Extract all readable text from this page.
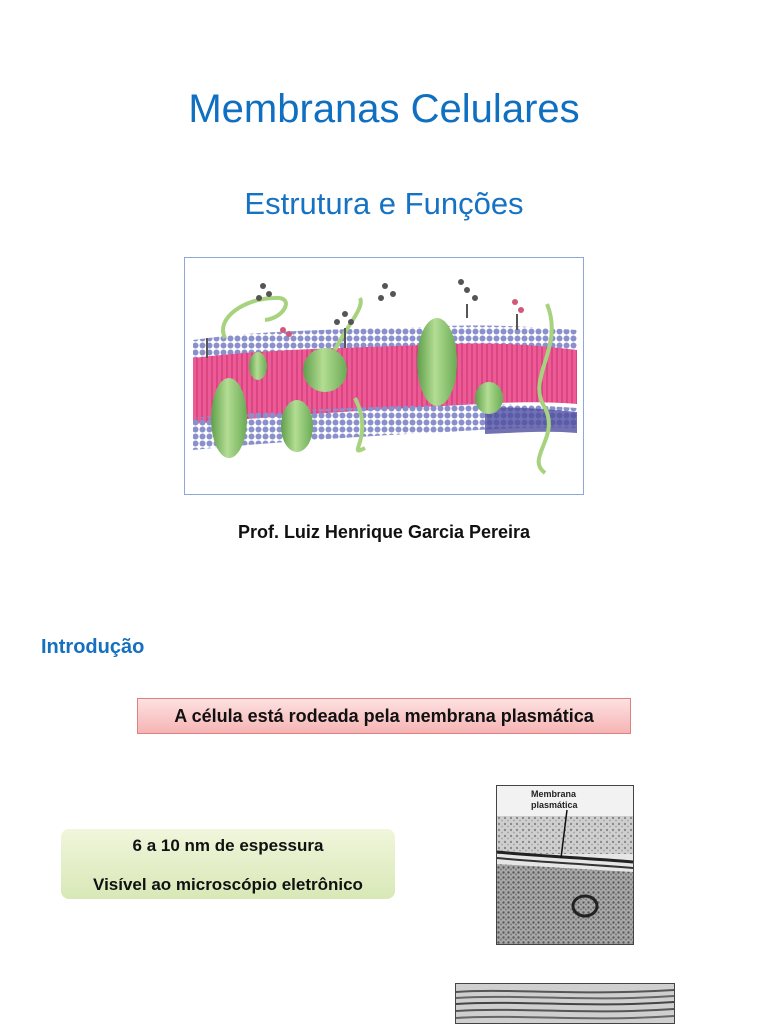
Membranas Celulares
Estrutura e Funções
Prof. Luiz Henrique Garcia Pereira
Introdução
A célula está rodeada pela membrana plasmática
6 a 10 nm de espessura
Visível ao microscópio eletrônico
Membrana
plasmática
